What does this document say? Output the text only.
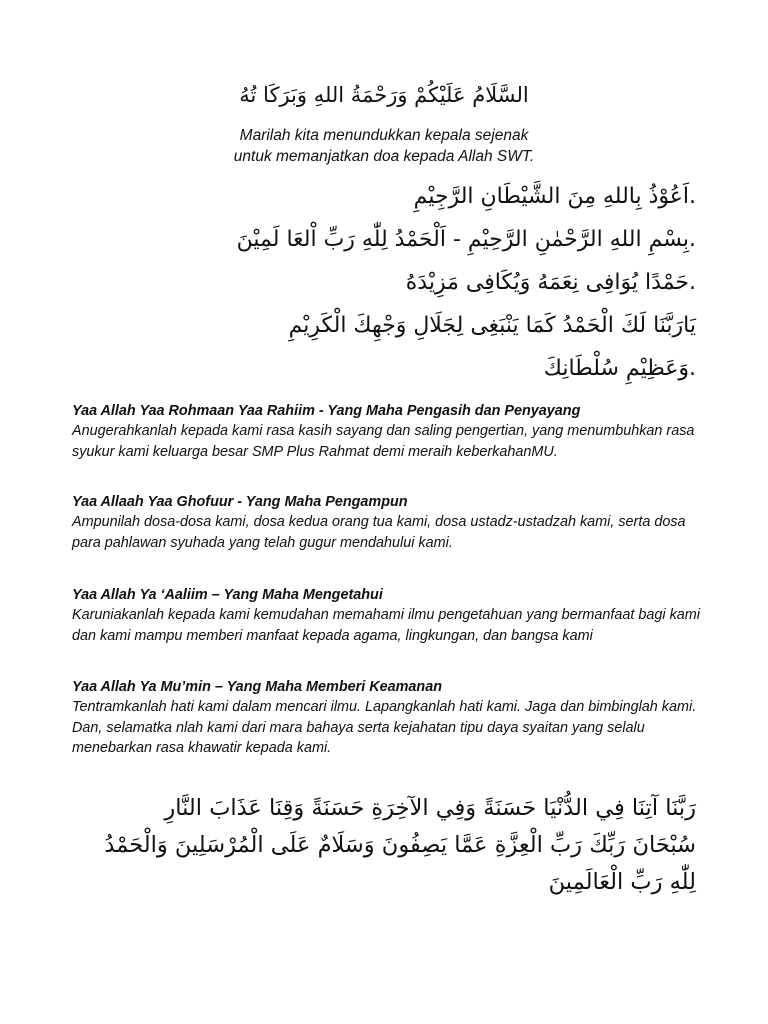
السَّلَامُ عَلَيْكُمْ وَرَحْمَةُ اللهِ وَبَرَكَا تُهُ
Marilah kita menundukkan kepala sejenak
untuk memanjatkan doa kepada Allah SWT.
.اَعُوْذُ بِاللهِ مِنَ الشَّيْطَانِ الرَّجِيْمِ
.بِسْمِ اللهِ الرَّحْمٰنِ الرَّحِيْمِ - اَلْحَمْدُ لِلّٰهِ رَبِّ اْلعَا لَمِيْنَ
.حَمْدًا يُوَافِى نِعَمَهُ وَيُكَافِى مَزِيْدَهُ
يَارَبَّنَا لَكَ الْحَمْدُ كَمَا يَنْبَغِى لِجَلَالِ وَجْهِكَ الْكَرِيْمِ
.وَعَظِيْمِ سُلْطَانِكَ
Yaa Allah Yaa Rohmaan Yaa Rahiim - Yang Maha Pengasih dan Penyayang
Anugerahkanlah kepada kami rasa kasih sayang dan saling pengertian, yang menumbuhkan rasa syukur kami keluarga besar SMP Plus Rahmat demi meraih keberkahanMU.
Yaa Allaah Yaa Ghofuur - Yang Maha Pengampun
Ampunilah dosa-dosa kami, dosa kedua orang tua kami, dosa ustadz-ustadzah kami, serta dosa para pahlawan syuhada yang telah gugur mendahului kami.
Yaa Allah Ya ‘Aaliim – Yang Maha Mengetahui
Karuniakanlah kepada kami kemudahan memahami ilmu pengetahuan yang bermanfaat bagi kami dan kami mampu memberi manfaat kepada agama, lingkungan, dan bangsa kami
Yaa Allah Ya Mu’min – Yang Maha Memberi Keamanan
Tentramkanlah hati kami dalam mencari ilmu. Lapangkanlah hati kami. Jaga dan bimbinglah kami. Dan, selamatka nlah kami dari mara bahaya serta kejahatan tipu daya syaitan yang selalu menebarkan rasa khawatir kepada kami.
رَبَّنَا آتِنَا فِي الدُّنْيَا حَسَنَةً وَفِي الآخِرَةِ حَسَنَةً وَقِنَا عَذَابَ النَّارِ
سُبْحَانَ رَبِّكَ رَبِّ الْعِزَّةِ عَمَّا يَصِفُونَ وَسَلَامٌ عَلَى الْمُرْسَلِينَ وَالْحَمْدُ
لِلّٰهِ رَبِّ الْعَالَمِينَ
